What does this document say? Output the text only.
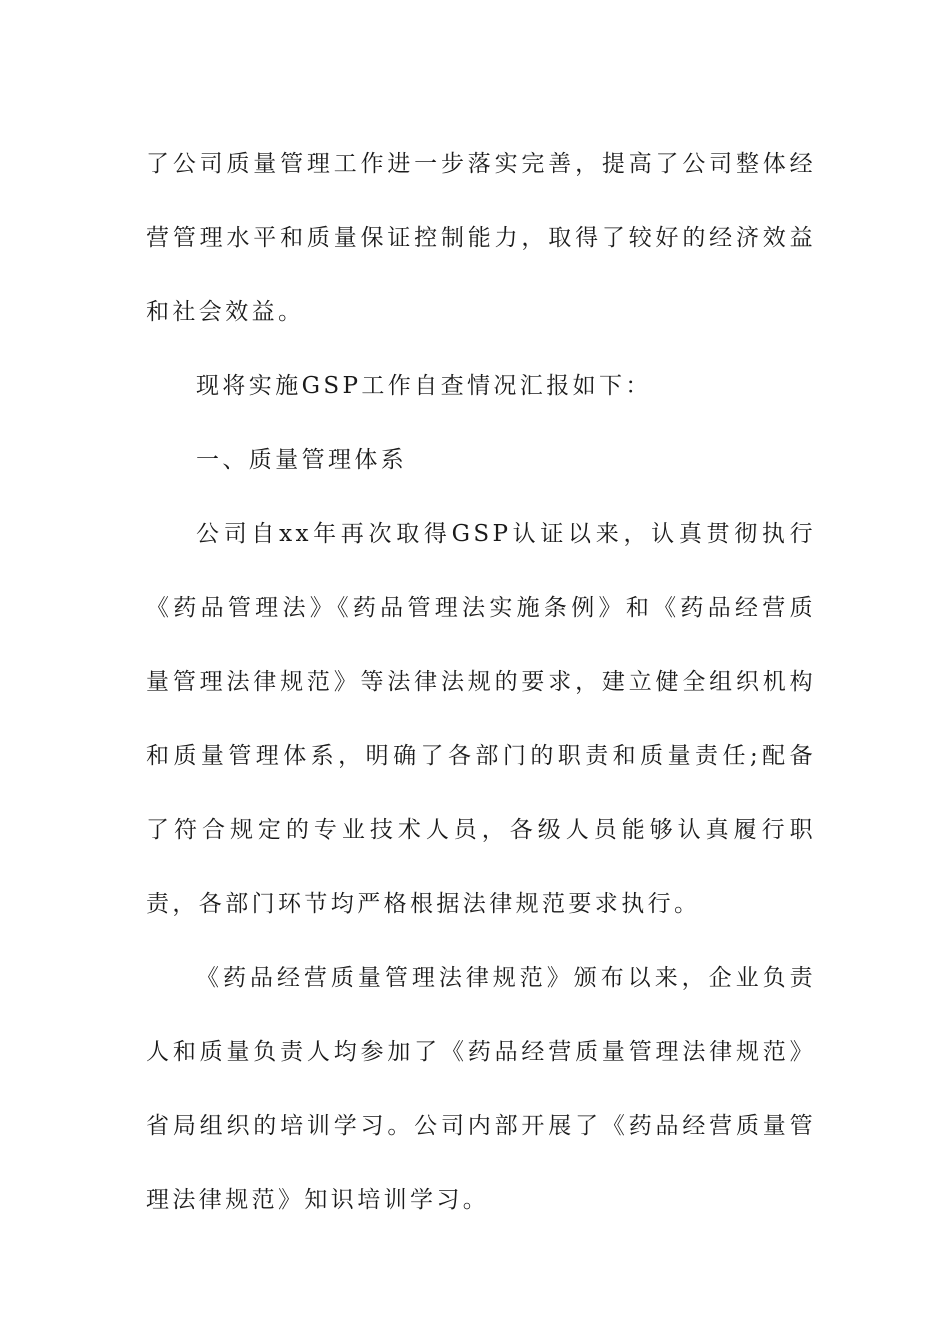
了公司质量管理工作进一步落实完善，提高了公司整体经营管理水平和质量保证控制能力，取得了较好的经济效益和社会效益。

现将实施GSP工作自查情况汇报如下：

一、质量管理体系

公司自xx年再次取得GSP认证以来，认真贯彻执行《药品管理法》《药品管理法实施条例》和《药品经营质量管理法律规范》等法律法规的要求，建立健全组织机构和质量管理体系，明确了各部门的职责和质量责任;配备了符合规定的专业技术人员，各级人员能够认真履行职责，各部门环节均严格根据法律规范要求执行。

《药品经营质量管理法律规范》颁布以来，企业负责人和质量负责人均参加了《药品经营质量管理法律规范》省局组织的培训学习。公司内部开展了《药品经营质量管理法律规范》知识培训学习。
